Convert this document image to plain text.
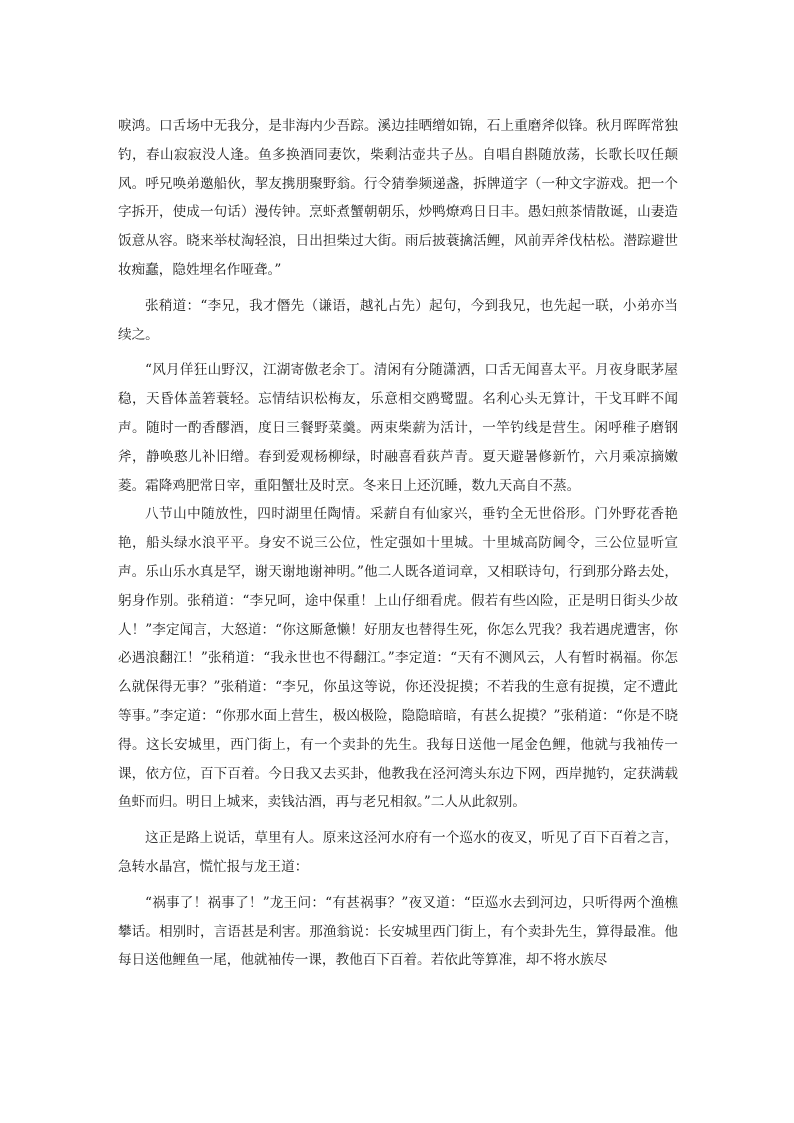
唳鸿。口舌场中无我分，是非海内少吾踪。溪边挂晒缯如锦，石上重磨斧似锋。秋月晖晖常独钓，春山寂寂没人逢。鱼多换酒同妻饮，柴剩沽壶共子丛。自唱自斟随放荡，长歌长叹任颠风。呼兄唤弟邀船伙，挈友携朋聚野翁。行令猜拳频递盏，拆牌道字（一种文字游戏。把一个字拆开，使成一句话）漫传钟。烹虾煮蟹朝朝乐，炒鸭燎鸡日日丰。愚妇煎茶情散诞，山妻造饭意从容。晓来举杖淘轻浪，日出担柴过大街。雨后披蓑擒活鲤，风前弄斧伐枯松。潜踪避世妆痴蠢，隐姓埋名作哑聋。”

张稍道：“李兄，我才僭先（谦语，越礼占先）起句，今到我兄，也先起一联，小弟亦当续之。

“风月佯狂山野汉，江湖寄傲老余丁。清闲有分随潇洒，口舌无闻喜太平。月夜身眠茅屋稳，天昏体盖箬蓑轻。忘情结识松梅友，乐意相交鸥鹭盟。名利心头无算计，干戈耳畔不闻声。随时一酌香醪酒，度日三餐野菜羹。两束柴薪为活计，一竿钓线是营生。闲呼稚子磨钢斧，静唤憨儿补旧缯。春到爱观杨柳绿，时融喜看荻芦青。夏天避暑修新竹，六月乘凉摘嫩菱。霜降鸡肥常日宰，重阳蟹壮及时烹。冬来日上还沉睡，数九天高自不蒸。

八节山中随放性，四时湖里任陶情。采薪自有仙家兴，垂钓全无世俗形。门外野花香艳艳，船头绿水浪平平。身安不说三公位，性定强如十里城。十里城高防阃令，三公位显听宣声。乐山乐水真是罕，谢天谢地谢神明。”他二人既各道词章，又相联诗句，行到那分路去处，躬身作别。张稍道：“李兄呵，途中保重！上山仔细看虎。假若有些凶险，正是明日街头少故人！”李定闻言，大怒道：“你这厮惫懒！好朋友也替得生死，你怎么咒我？我若遇虎遭害，你必遇浪翻江！”张稍道：“我永世也不得翻江。”李定道：“天有不测风云，人有暂时祸福。你怎么就保得无事？”张稍道：“李兄，你虽这等说，你还没捉摸；不若我的生意有捉摸，定不遭此等事。”李定道：“你那水面上营生，极凶极险，隐隐暗暗，有甚么捉摸？”张稍道：“你是不晓得。这长安城里，西门街上，有一个卖卦的先生。我每日送他一尾金色鲤，他就与我袖传一课，依方位，百下百着。今日我又去买卦，他教我在泾河湾头东边下网，西岸抛钓，定获满载鱼虾而归。明日上城来，卖钱沽酒，再与老兄相叙。”二人从此叙别。

这正是路上说话，草里有人。原来这泾河水府有一个巡水的夜叉，听见了百下百着之言，急转水晶宫，慌忙报与龙王道：

“祸事了！祸事了！”龙王问：“有甚祸事？”夜叉道：“臣巡水去到河边，只听得两个渔樵攀话。相别时，言语甚是利害。那渔翁说：长安城里西门街上，有个卖卦先生，算得最准。他每日送他鲤鱼一尾，他就袖传一课，教他百下百着。若依此等算准，却不将水族尽
